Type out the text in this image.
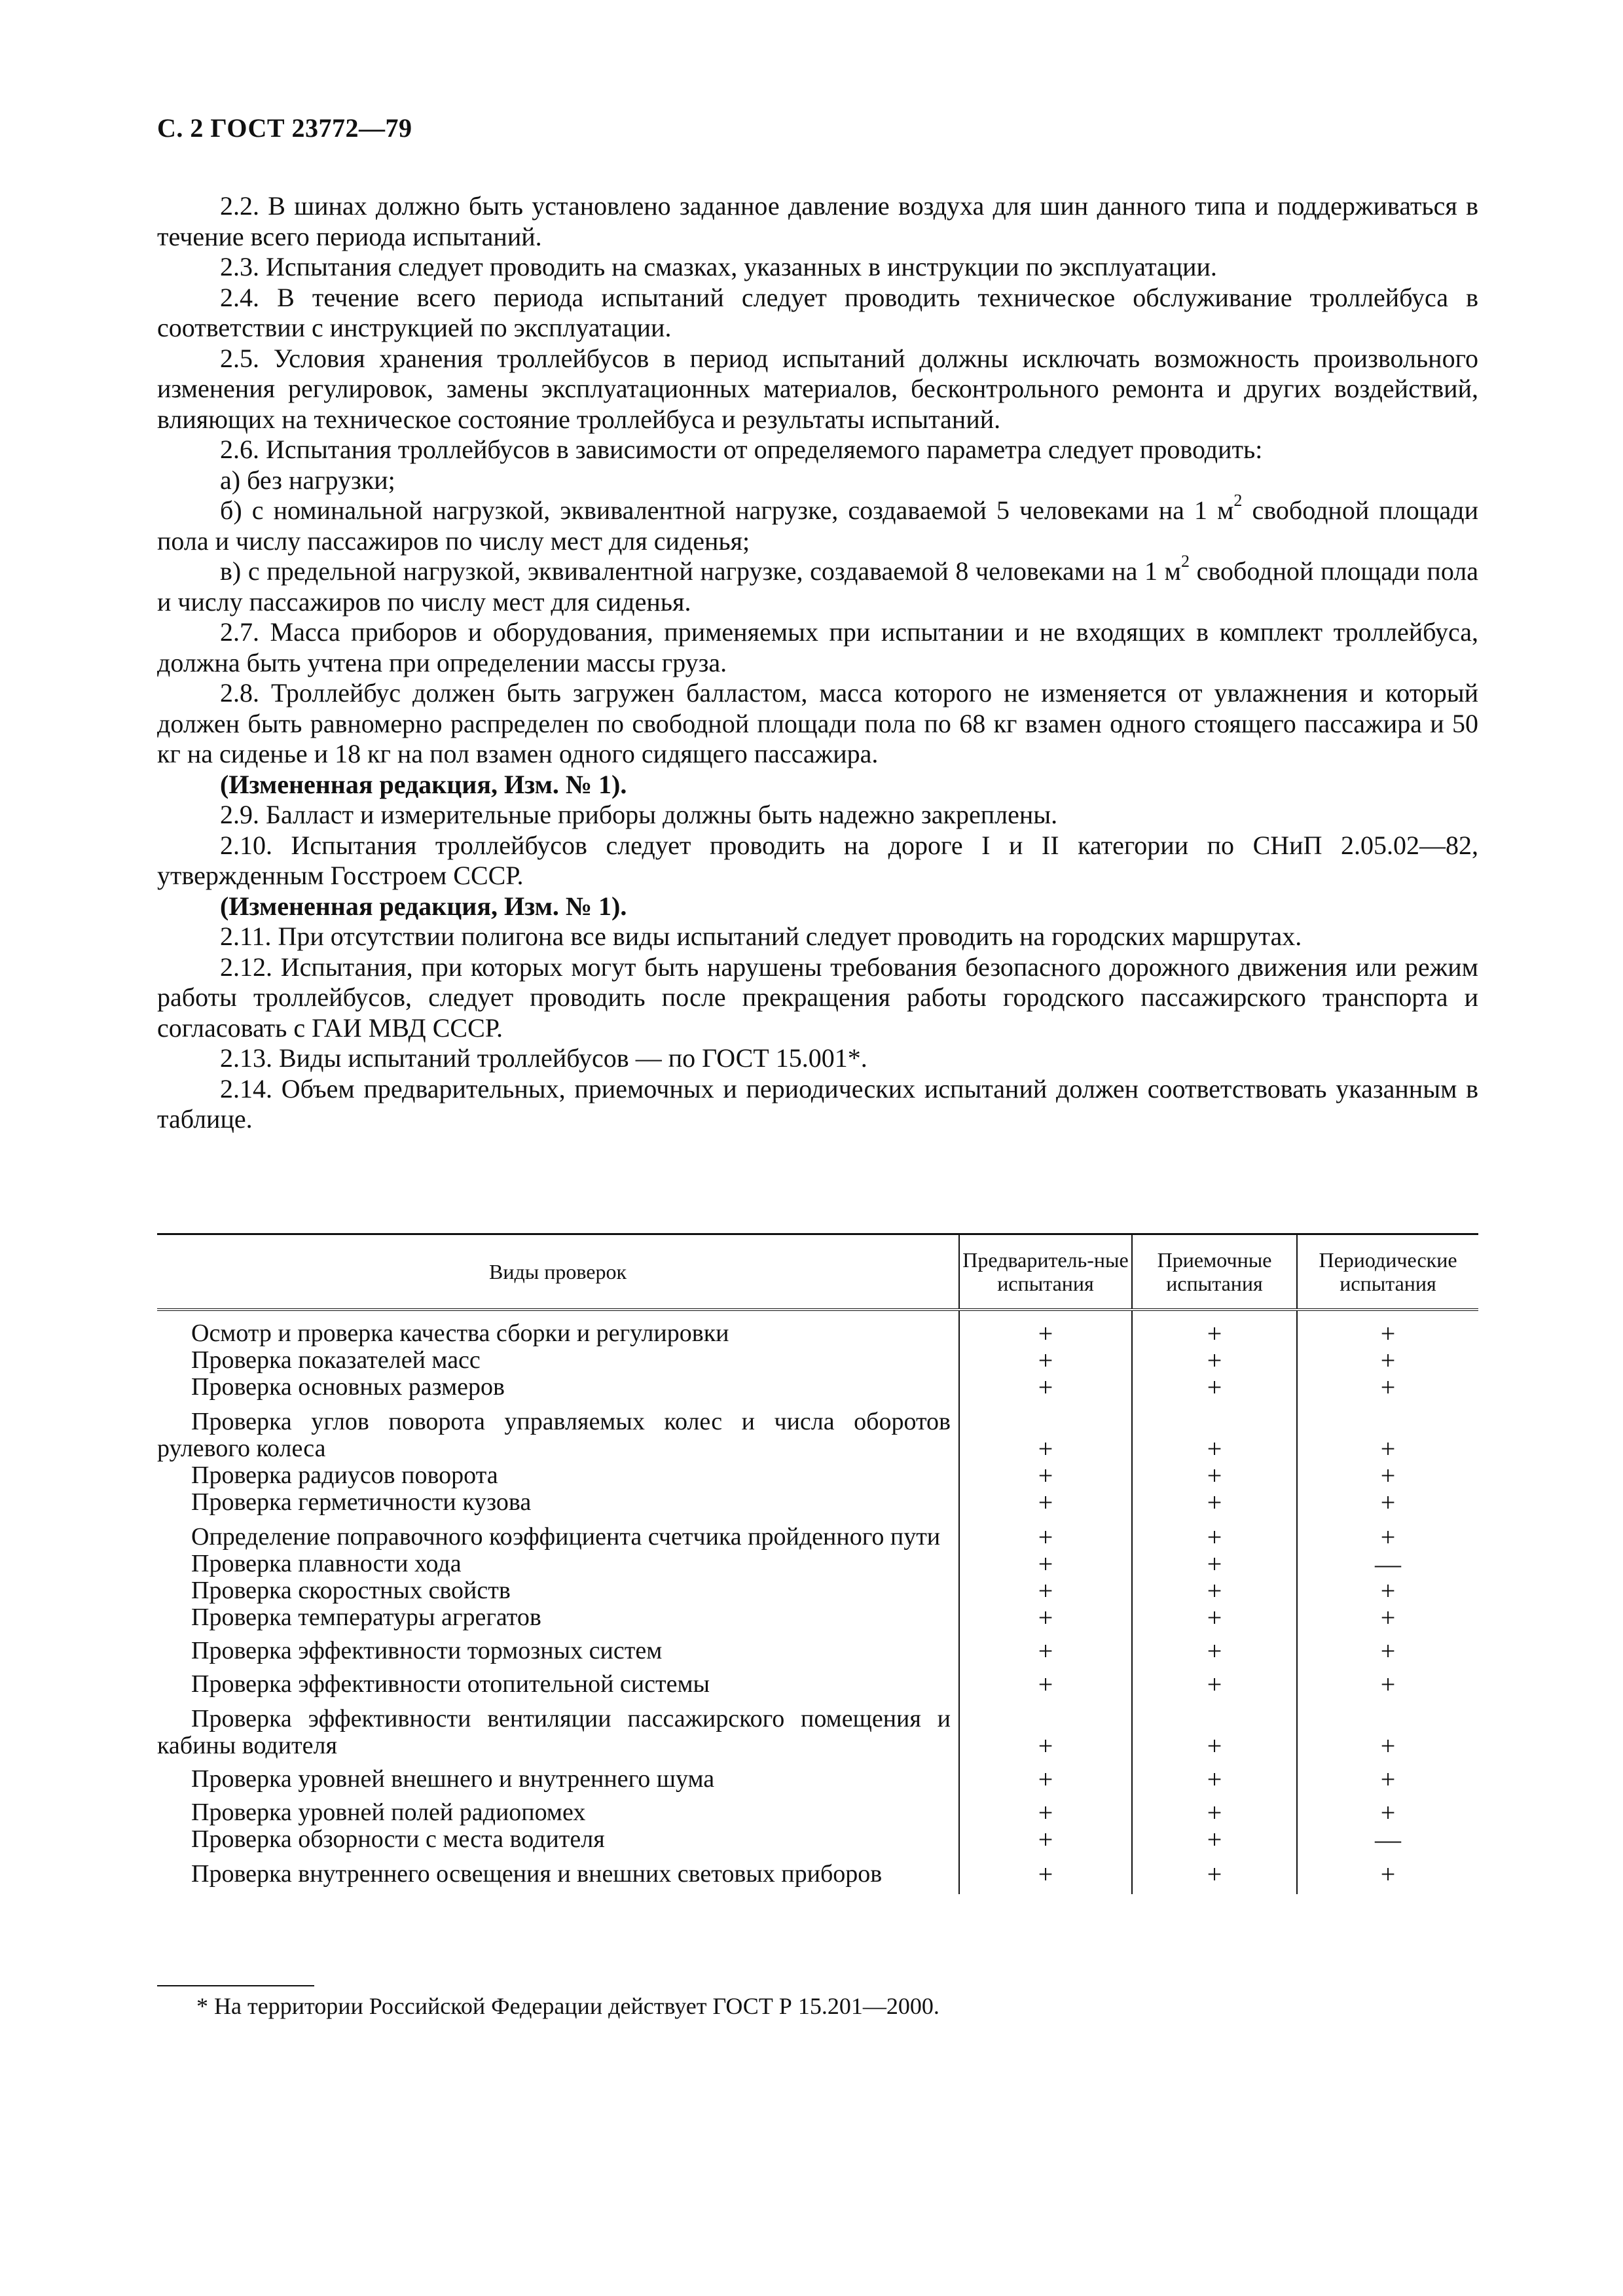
С. 2 ГОСТ 23772—79

2.2. В шинах должно быть установлено заданное давление воздуха для шин данного типа и поддерживаться в течение всего периода испытаний.

2.3. Испытания следует проводить на смазках, указанных в инструкции по эксплуатации.

2.4. В течение всего периода испытаний следует проводить техническое обслуживание троллейбуса в соответствии с инструкцией по эксплуатации.

2.5. Условия хранения троллейбусов в период испытаний должны исключать возможность произвольного изменения регулировок, замены эксплуатационных материалов, бесконтрольного ремонта и других воздействий, влияющих на техническое состояние троллейбуса и результаты испытаний.

2.6. Испытания троллейбусов в зависимости от определяемого параметра следует проводить:

а) без нагрузки;

б) с номинальной нагрузкой, эквивалентной нагрузке, создаваемой 5 человеками на 1 $м^2$ свободной площади пола и числу пассажиров по числу мест для сиденья;

в) с предельной нагрузкой, эквивалентной нагрузке, создаваемой 8 человеками на 1 $м^2$ свободной площади пола и числу пассажиров по числу мест для сиденья.

2.7. Масса приборов и оборудования, применяемых при испытании и не входящих в комплект троллейбуса, должна быть учтена при определении массы груза.

2.8. Троллейбус должен быть загружен балластом, масса которого не изменяется от увлажнения и который должен быть равномерно распределен по свободной площади пола по 68 кг взамен одного стоящего пассажира и 50 кг на сиденье и 18 кг на пол взамен одного сидящего пассажира.

(Измененная редакция, Изм. № 1).

2.9. Балласт и измерительные приборы должны быть надежно закреплены.

2.10. Испытания троллейбусов следует проводить на дороге I и II категории по СНиП 2.05.02—82, утвержденным Госстроем СССР.

(Измененная редакция, Изм. № 1).

2.11. При отсутствии полигона все виды испытаний следует проводить на городских маршрутах.

2.12. Испытания, при которых могут быть нарушены требования безопасного дорожного движения или режим работы троллейбусов, следует проводить после прекращения работы городского пассажирского транспорта и согласовать с ГАИ МВД СССР.

2.13. Виды испытаний троллейбусов — по ГОСТ 15.001*.

2.14. Объем предварительных, приемочных и периодических испытаний должен соответствовать указанным в таблице.

Виды проверок	Предваритель-ные испытания	Приемочные испытания	Периодические испытания
Осмотр и проверка качества сборки и регулировки	+	+	+
Проверка показателей масс	+	+	+
Проверка основных размеров	+	+	+
Проверка углов поворота управляемых колес и числа оборотов рулевого колеса	+	+	+
Проверка радиусов поворота	+	+	+
Проверка герметичности кузова	+	+	+
Определение поправочного коэффициента счетчика пройденного пути	+	+	+
Проверка плавности хода	+	+	—
Проверка скоростных свойств	+	+	+
Проверка температуры агрегатов	+	+	+
Проверка эффективности тормозных систем	+	+	+
Проверка эффективности отопительной системы	+	+	+
Проверка эффективности вентиляции пассажирского помещения и кабины водителя	+	+	+
Проверка уровней внешнего и внутреннего шума	+	+	+
Проверка уровней полей радиопомех	+	+	+
Проверка обзорности с места водителя	+	+	—
Проверка внутреннего освещения и внешних световых приборов	+	+	+
* На территории Российской Федерации действует ГОСТ Р 15.201—2000.
